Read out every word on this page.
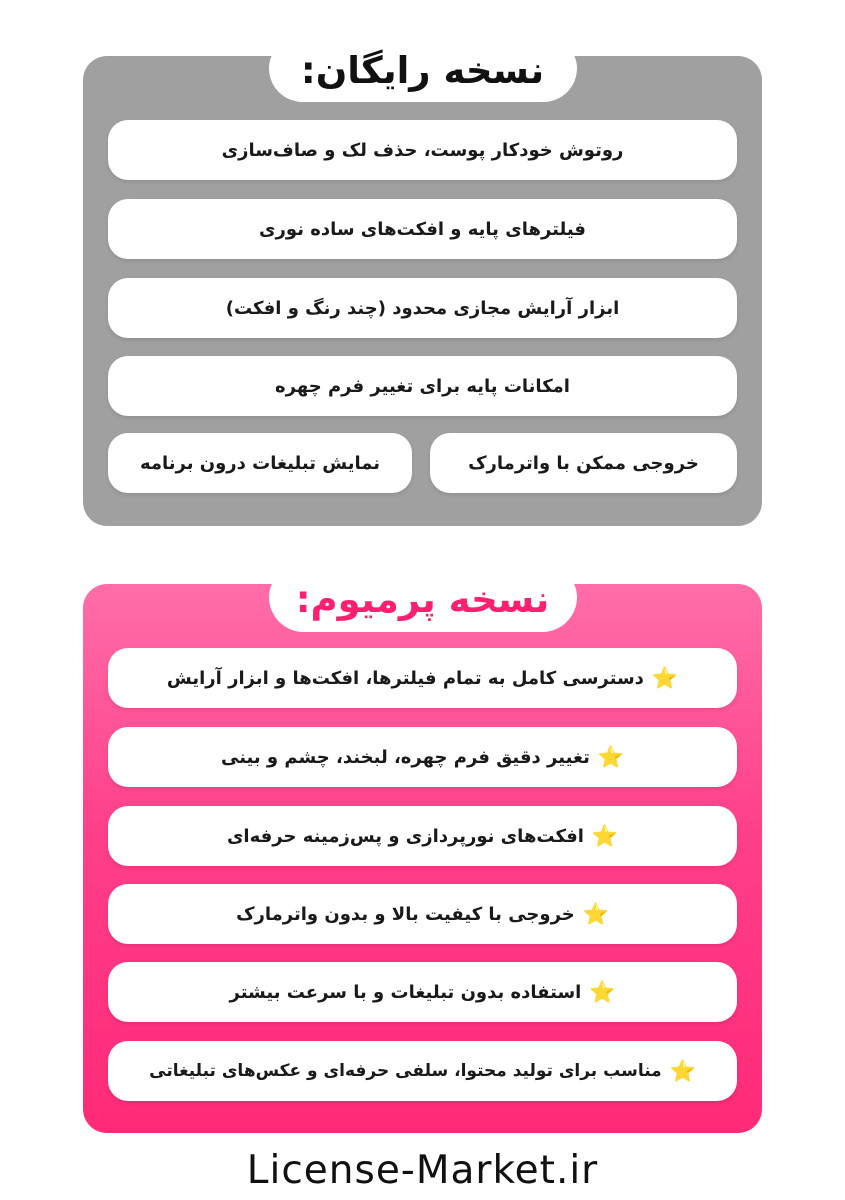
نسخه رایگان:
روتوش خودکار پوست، حذف لک و صاف‌سازی
فیلترهای پایه و افکت‌های ساده نوری
ابزار آرایش مجازی محدود (چند رنگ و افکت)
امکانات پایه برای تغییر فرم چهره
خروجی ممکن با واترمارک
نمایش تبلیغات درون برنامه
نسخه پرمیوم:
⭐
دسترسی کامل به تمام فیلترها، افکت‌ها و ابزار آرایش
⭐
تغییر دقیق فرم چهره، لبخند، چشم و بینی
⭐
افکت‌های نورپردازی و پس‌زمینه حرفه‌ای
⭐
خروجی با کیفیت بالا و بدون واترمارک
⭐
استفاده بدون تبلیغات و با سرعت بیشتر
⭐
مناسب برای تولید محتوا، سلفی حرفه‌ای و عکس‌های تبلیغاتی
License-Market.ir
